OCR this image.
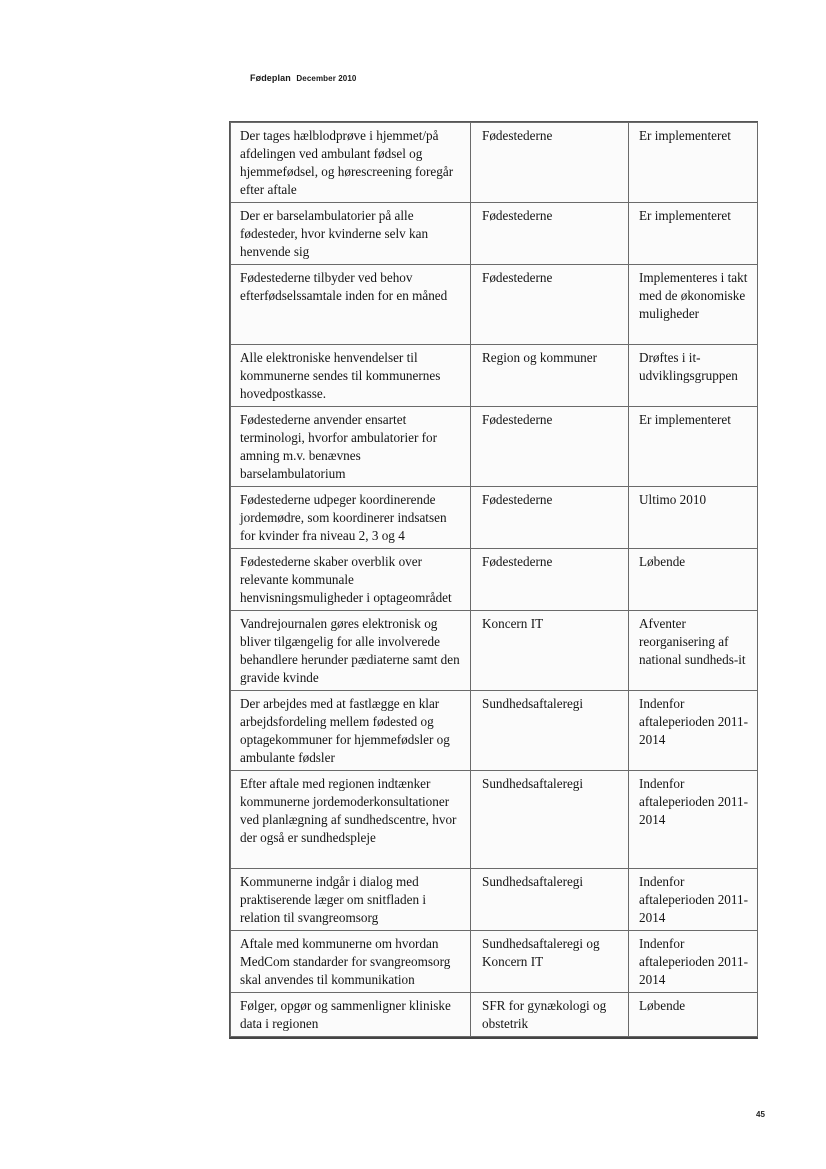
Fødeplan December 2010
Der tages hælblodprøve i hjemmet/på afdelingen ved ambulant fødsel og hjemmefødsel, og hørescreening foregår efter aftale	Fødestederne	Er implementeret

Der er barselambulatorier på alle fødesteder, hvor kvinderne selv kan henvende sig	Fødestederne	Er implementeret

Fødestederne tilbyder ved behov efterfødselssamtale inden for en måned	Fødestederne	Implementeres i takt med de økonomiske muligheder

Alle elektroniske henvendelser til kommunerne sendes til kommunernes hovedpostkasse.	Region og kommuner	Drøftes i it-udviklingsgruppen

Fødestederne anvender ensartet terminologi, hvorfor ambulatorier for amning m.v. benævnes barselambulatorium	Fødestederne	Er implementeret

Fødestederne udpeger koordinerende jordemødre, som koordinerer indsatsen for kvinder fra niveau 2, 3 og 4	Fødestederne	Ultimo 2010

Fødestederne skaber overblik over relevante kommunale henvisningsmuligheder i optageområdet	Fødestederne	Løbende

Vandrejournalen gøres elektronisk og bliver tilgængelig for alle involverede behandlere herunder pædiaterne samt den gravide kvinde	Koncern IT	Afventer reorganisering af national sundheds-it

Der arbejdes med at fastlægge en klar arbejdsfordeling mellem fødested og optagekommuner for hjemmefødsler og ambulante fødsler	Sundhedsaftaleregi	Indenfor aftaleperioden 2011-2014

Efter aftale med regionen indtænker kommunerne jordemoderkonsultationer ved planlægning af sundhedscentre, hvor der også er sundhedspleje	Sundhedsaftaleregi	Indenfor aftaleperioden 2011-2014

Kommunerne indgår i dialog med praktiserende læger om snitfladen i relation til svangreomsorg	Sundhedsaftaleregi	Indenfor aftaleperioden 2011-2014

Aftale med kommunerne om hvordan MedCom standarder for svangreomsorg skal anvendes til kommunikation	Sundhedsaftaleregi og Koncern IT	Indenfor aftaleperioden 2011-2014

Følger, opgør og sammenligner kliniske data i regionen	SFR for gynækologi og obstetrik	Løbende
45
